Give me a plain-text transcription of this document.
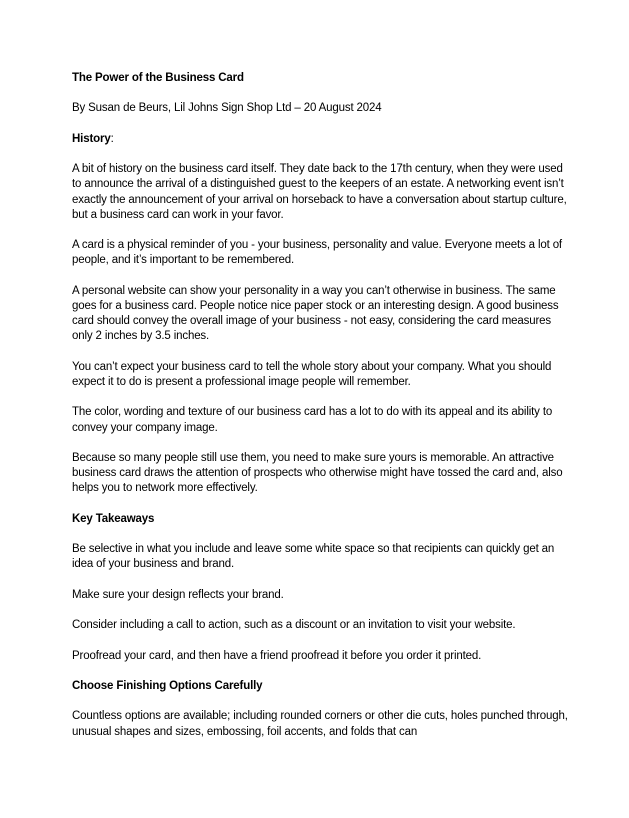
The Power of the Business Card

By Susan de Beurs, Lil Johns Sign Shop Ltd – 20 August 2024

History:

A bit of history on the business card itself. They date back to the 17th century, when they were used to announce the arrival of a distinguished guest to the keepers of an estate. A networking event isn’t exactly the announcement of your arrival on horseback to have a conversation about startup culture, but a business card can work in your favor.

A card is a physical reminder of you - your business, personality and value. Everyone meets a lot of people, and it’s important to be remembered.

A personal website can show your personality in a way you can’t otherwise in business. The same goes for a business card. People notice nice paper stock or an interesting design. A good business card should convey the overall image of your business - not easy, considering the card measures only 2 inches by 3.5 inches.

You can’t expect your business card to tell the whole story about your company. What you should expect it to do is present a professional image people will remember.

The color, wording and texture of our business card has a lot to do with its appeal and its ability to convey your company image.

Because so many people still use them, you need to make sure yours is memorable. An attractive business card draws the attention of prospects who otherwise might have tossed the card and, also helps you to network more effectively.

Key Takeaways

Be selective in what you include and leave some white space so that recipients can quickly get an idea of your business and brand.

Make sure your design reflects your brand.

Consider including a call to action, such as a discount or an invitation to visit your website.

Proofread your card, and then have a friend proofread it before you order it printed.

Choose Finishing Options Carefully

Countless options are available; including rounded corners or other die cuts, holes punched through, unusual shapes and sizes, embossing, foil accents, and folds that can
